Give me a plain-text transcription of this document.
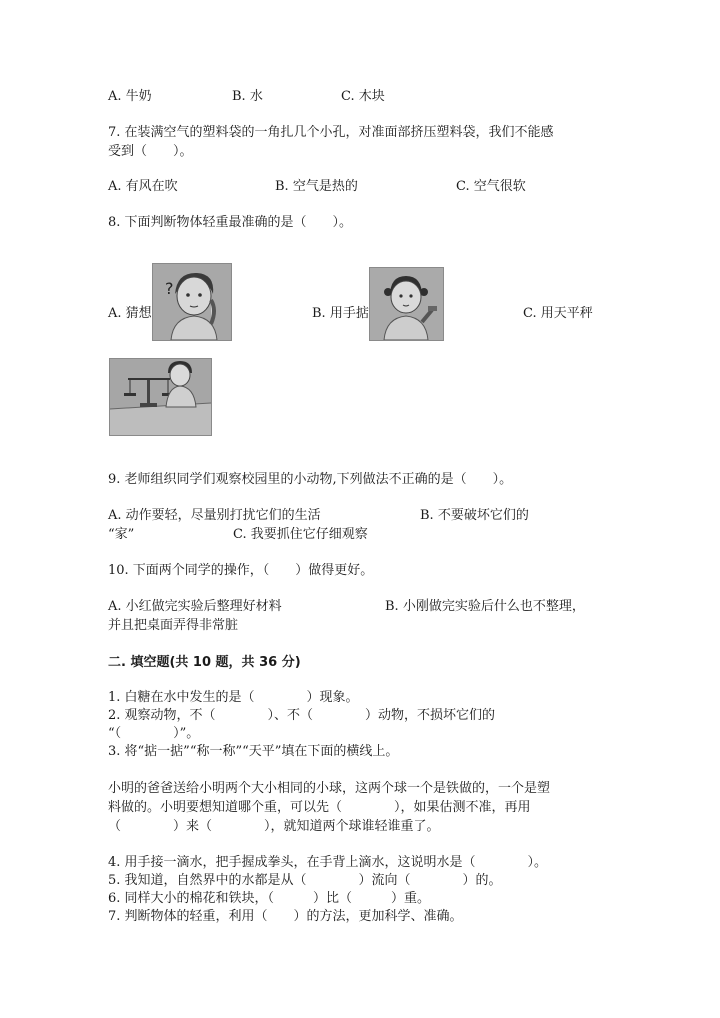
A. 牛奶	B. 水	C. 木块
7. 在装满空气的塑料袋的一角扎几个小孔，对准面部挤压塑料袋，我们不能感
受到（　　）。
A. 有风在吹	B. 空气是热的	C. 空气很软
8. 下面判断物体轻重最准确的是（　　）。
A. 猜想
?
B. 用手掂	C. 用天平秤
9. 老师组织同学们观察校园里的小动物,下列做法不正确的是（　　）。
A. 动作要轻，尽量别打扰它们的生活	B. 不要破坏它们的
“家”	C. 我要抓住它仔细观察
10. 下面两个同学的操作，（　　）做得更好。
A. 小红做完实验后整理好材料	B. 小刚做完实验后什么也不整理，
并且把桌面弄得非常脏
二. 填空题(共 10 题，共 36 分)
1. 白糖在水中发生的是（　　　　）现象。
2. 观察动物，不（　　　　）、不（　　　　）动物，不损坏它们的
“（　　　　）”。
3. 将“掂一掂”“称一称”“天平”填在下面的横线上。
小明的爸爸送给小明两个大小相同的小球，这两个球一个是铁做的，一个是塑
料做的。小明要想知道哪个重，可以先（　　　　），如果估测不准，再用
（　　　　）来（　　　　），就知道两个球谁轻谁重了。
4. 用手接一滴水，把手握成拳头，在手背上滴水，这说明水是（　　　　）。
5. 我知道，自然界中的水都是从（　　　　）流向（　　　　）的。
6. 同样大小的棉花和铁块，（　　　）比（　　　）重。
7. 判断物体的轻重，利用（　　）的方法，更加科学、准确。
